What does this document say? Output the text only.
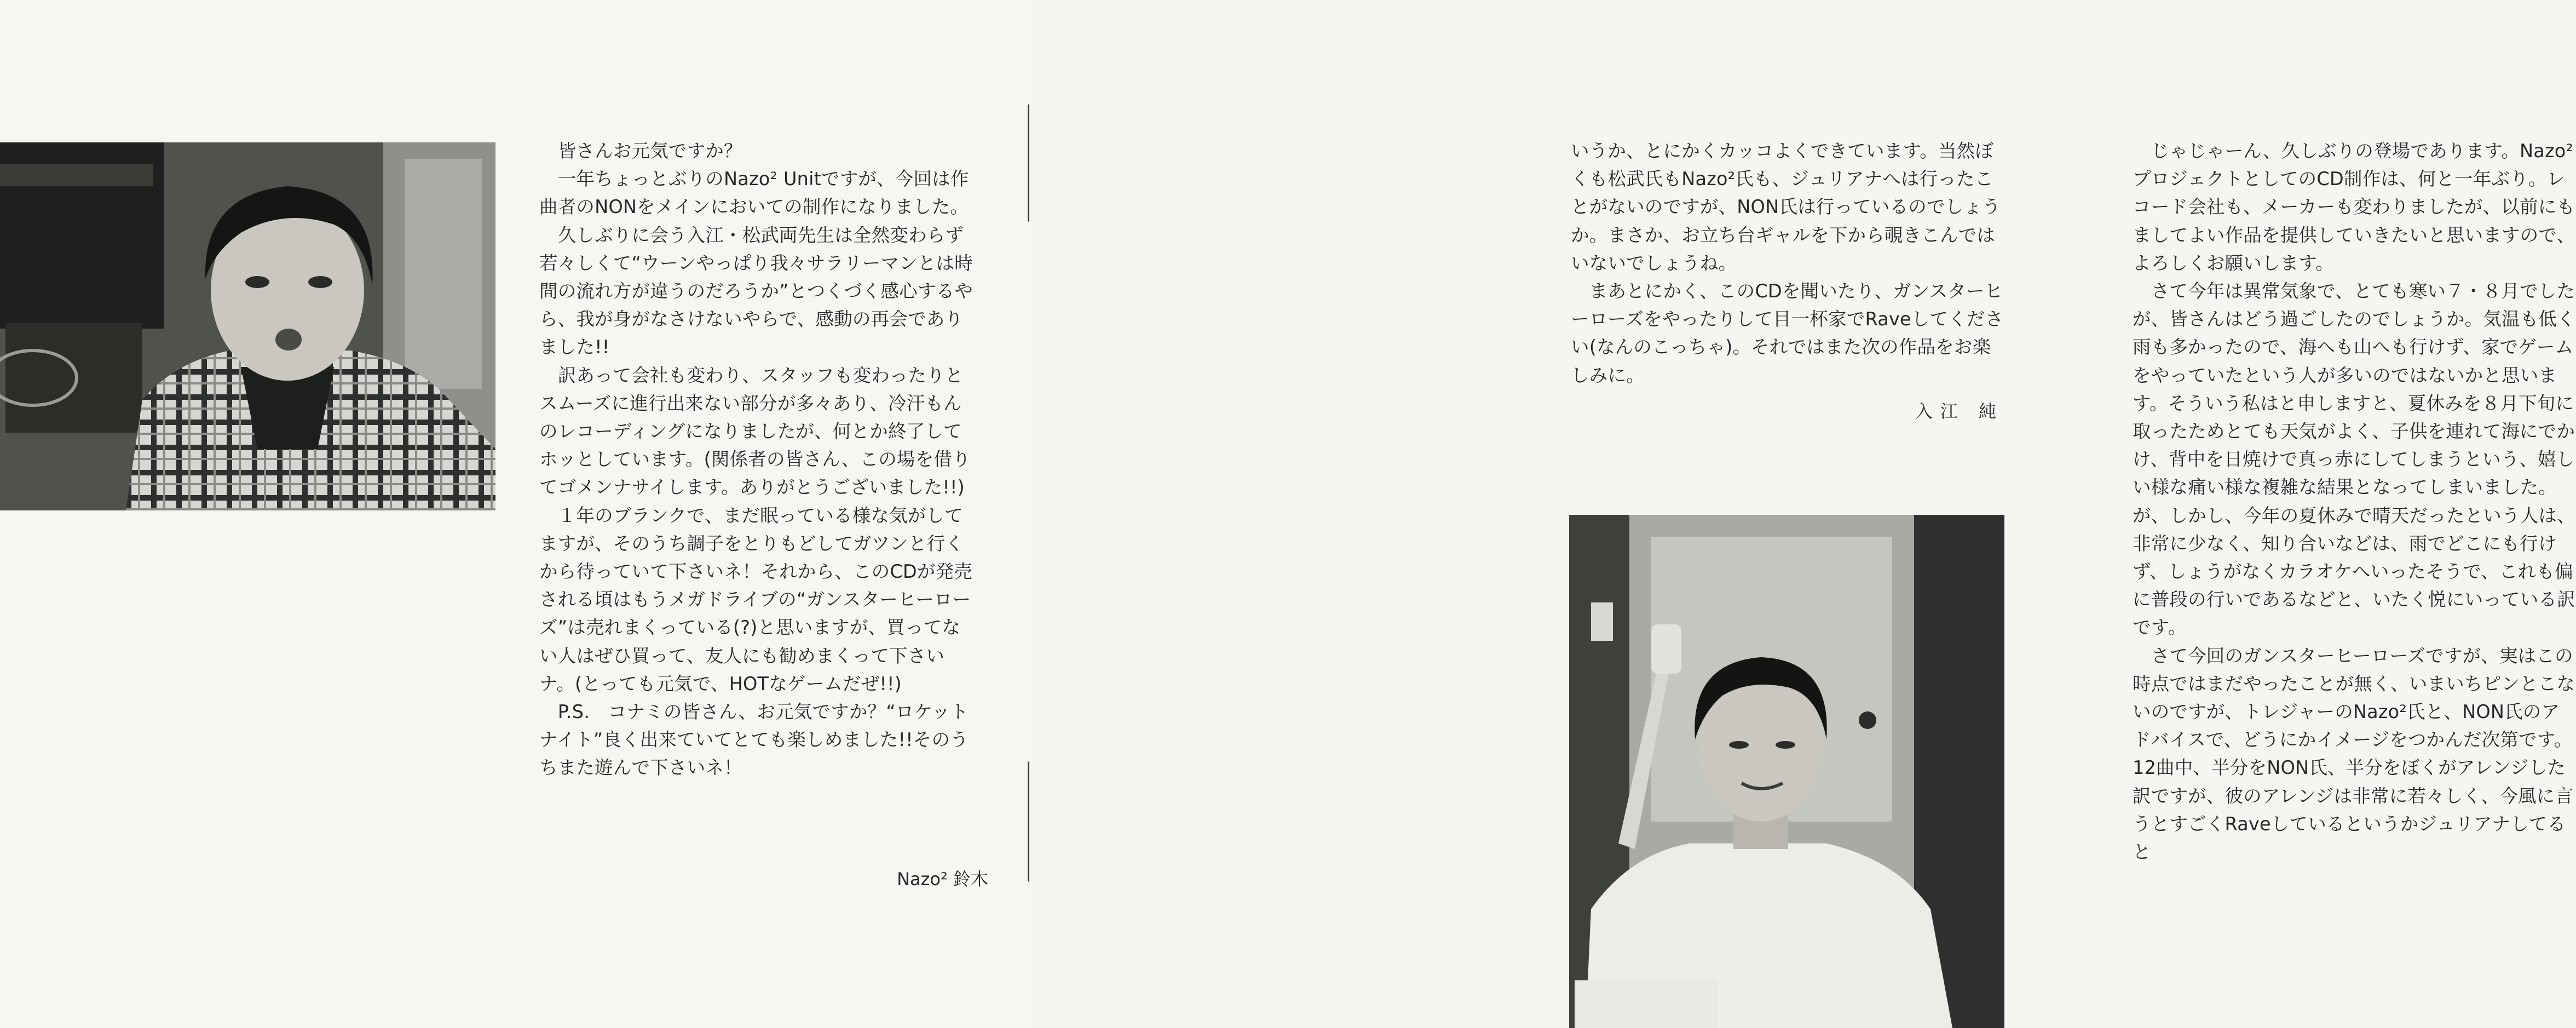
　皆さんお元気ですか？
　一年ちょっとぶりのNazo² Unitですが、今回は作曲者のNONをメインにおいての制作になりました。
　久しぶりに会う入江・松武両先生は全然変わらず若々しくて“ウーンやっぱり我々サラリーマンとは時間の流れ方が違うのだろうか”とつくづく感心するやら、我が身がなさけないやらで、感動の再会でありました!!
　訳あって会社も変わり、スタッフも変わったりとスムーズに進行出来ない部分が多々あり、冷汗もんのレコーディングになりましたが、何とか終了してホッとしています。(関係者の皆さん、この場を借りてゴメンナサイします。ありがとうございました!!)
　１年のブランクで、まだ眠っている様な気がしてますが、そのうち調子をとりもどしてガツンと行くから待っていて下さいネ！それから、このCDが発売される頃はもうメガドライブの“ガンスターヒーローズ”は売れまくっている(?)と思いますが、買ってない人はぜひ買って、友人にも勧めまくって下さいナ。(とっても元気で、HOTなゲームだぜ!!)
　P.S.　コナミの皆さん、お元気ですか？“ロケットナイト”良く出来ていてとても楽しめました!!そのうちまた遊んで下さいネ！

Nazo² 鈴木

　じゃじゃーん、久しぶりの登場であります。Nazo²プロジェクトとしてのCD制作は、何と一年ぶり。レコード会社も、メーカーも変わりましたが、以前にもましてよい作品を提供していきたいと思いますので、よろしくお願いします。
　さて今年は異常気象で、とても寒い７・８月でしたが、皆さんはどう過ごしたのでしょうか。気温も低く雨も多かったので、海へも山へも行けず、家でゲームをやっていたという人が多いのではないかと思います。そういう私はと申しますと、夏休みを８月下旬に取ったためとても天気がよく、子供を連れて海にでかけ、背中を日焼けで真っ赤にしてしまうという、嬉しい様な痛い様な複雑な結果となってしまいました。が、しかし、今年の夏休みで晴天だったという人は、非常に少なく、知り合いなどは、雨でどこにも行けず、しょうがなくカラオケへいったそうで、これも偏に普段の行いであるなどと、いたく悦にいっている訳です。
　さて今回のガンスターヒーローズですが、実はこの時点ではまだやったことが無く、いまいちピンとこないのですが、トレジャーのNazo²氏と、NON氏のアドバイスで、どうにかイメージをつかんだ次第です。12曲中、半分をNON氏、半分をぼくがアレンジした訳ですが、彼のアレンジは非常に若々しく、今風に言うとすごくRaveしているというかジュリアナしてると

いうか、とにかくカッコよくできています。当然ぼくも松武氏もNazo²氏も、ジュリアナへは行ったことがないのですが、NON氏は行っているのでしょうか。まさか、お立ち台ギャルを下から覗きこんではいないでしょうね。
　まあとにかく、このCDを聞いたり、ガンスターヒーローズをやったりして目一杯家でRaveしてください(なんのこっちゃ)。それではまた次の作品をお楽しみに。

入江 純
